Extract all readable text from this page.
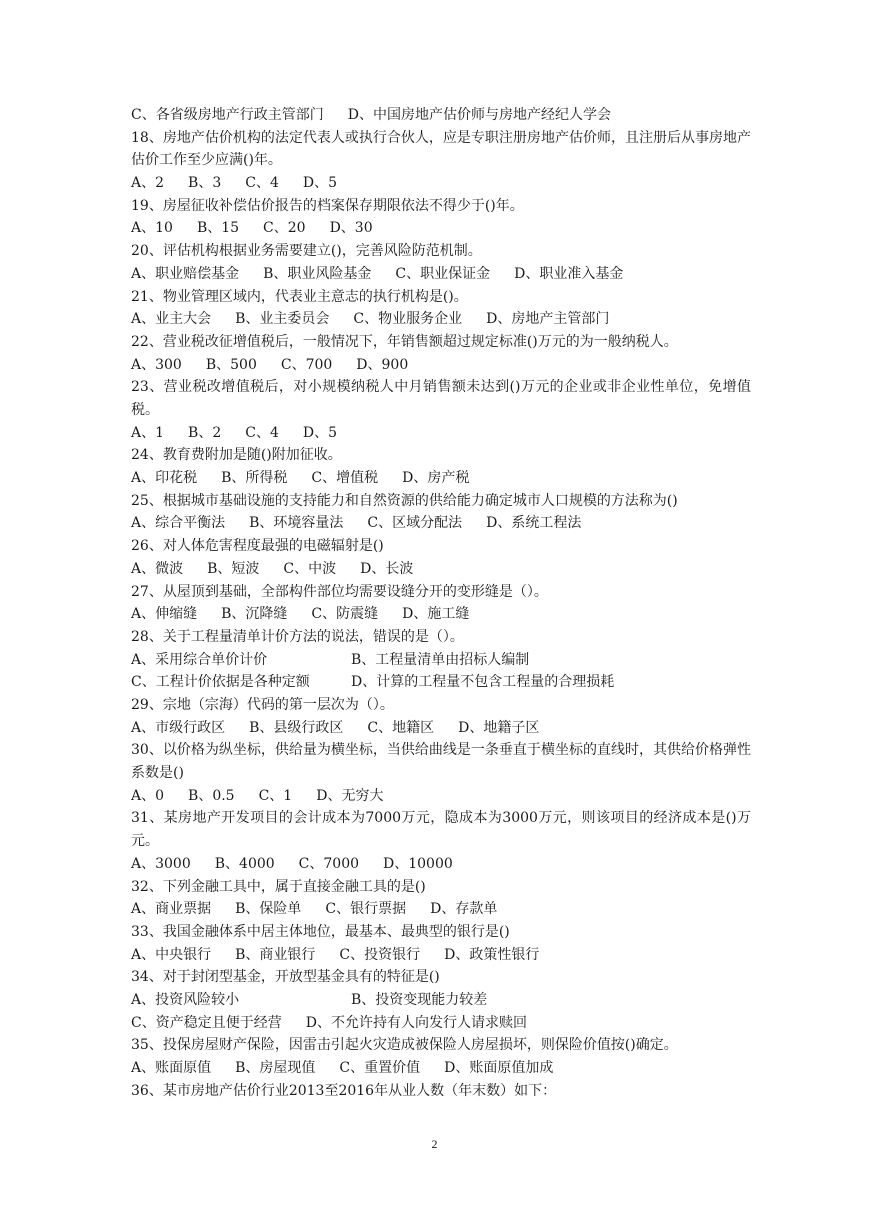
C、各省级房地产行政主管部门 D、中国房地产估价师与房地产经纪人学会
18、房地产估价机构的法定代表人或执行合伙人，应是专职注册房地产估价师，且注册后从事房地产估价工作至少应满()年。
A、2 B、3 C、4 D、5
19、房屋征收补偿估价报告的档案保存期限依法不得少于()年。
A、10 B、15 C、20 D、30
20、评估机构根据业务需要建立()，完善风险防范机制。
A、职业赔偿基金 B、职业风险基金 C、职业保证金 D、职业准入基金
21、物业管理区域内，代表业主意志的执行机构是()。
A、业主大会 B、业主委员会 C、物业服务企业 D、房地产主管部门
22、营业税改征增值税后，一般情况下，年销售额超过规定标准()万元的为一般纳税人。
A、300 B、500 C、700 D、900
23、营业税改增值税后，对小规模纳税人中月销售额未达到()万元的企业或非企业性单位，免增值税。
A、1 B、2 C、4 D、5
24、教育费附加是随()附加征收。
A、印花税 B、所得税 C、增值税 D、房产税
25、根据城市基础设施的支持能力和自然资源的供给能力确定城市人口规模的方法称为()
A、综合平衡法 B、环境容量法 C、区域分配法 D、系统工程法
26、对人体危害程度最强的电磁辐射是()
A、微波 B、短波 C、中波 D、长波
27、从屋顶到基础，全部构件部位均需要设缝分开的变形缝是（）。
A、伸缩缝 B、沉降缝 C、防震缝 D、施工缝
28、关于工程量清单计价方法的说法，错误的是（）。
A、采用综合单价计价	B、工程量清单由招标人编制
C、工程计价依据是各种定额	D、计算的工程量不包含工程量的合理损耗
29、宗地（宗海）代码的第一层次为（）。
A、市级行政区 B、县级行政区 C、地籍区 D、地籍子区
30、以价格为纵坐标，供给量为横坐标，当供给曲线是一条垂直于横坐标的直线时，其供给价格弹性系数是()
A、0 B、0.5 C、1 D、无穷大
31、某房地产开发项目的会计成本为7000万元，隐成本为3000万元，则该项目的经济成本是()万元。
A、3000 B、4000 C、7000 D、10000
32、下列金融工具中，属于直接金融工具的是()
A、商业票据 B、保险单 C、银行票据 D、存款单
33、我国金融体系中居主体地位，最基本、最典型的银行是()
A、中央银行 B、商业银行 C、投资银行 D、政策性银行
34、对于封闭型基金，开放型基金具有的特征是()
A、投资风险较小	B、投资变现能力较差
C、资产稳定且便于经营 D、不允许持有人向发行人请求赎回
35、投保房屋财产保险，因雷击引起火灾造成被保险人房屋损坏，则保险价值按()确定。
A、账面原值 B、房屋现值 C、重置价值 D、账面原值加成
36、某市房地产估价行业2013至2016年从业人数（年末数）如下：
2
